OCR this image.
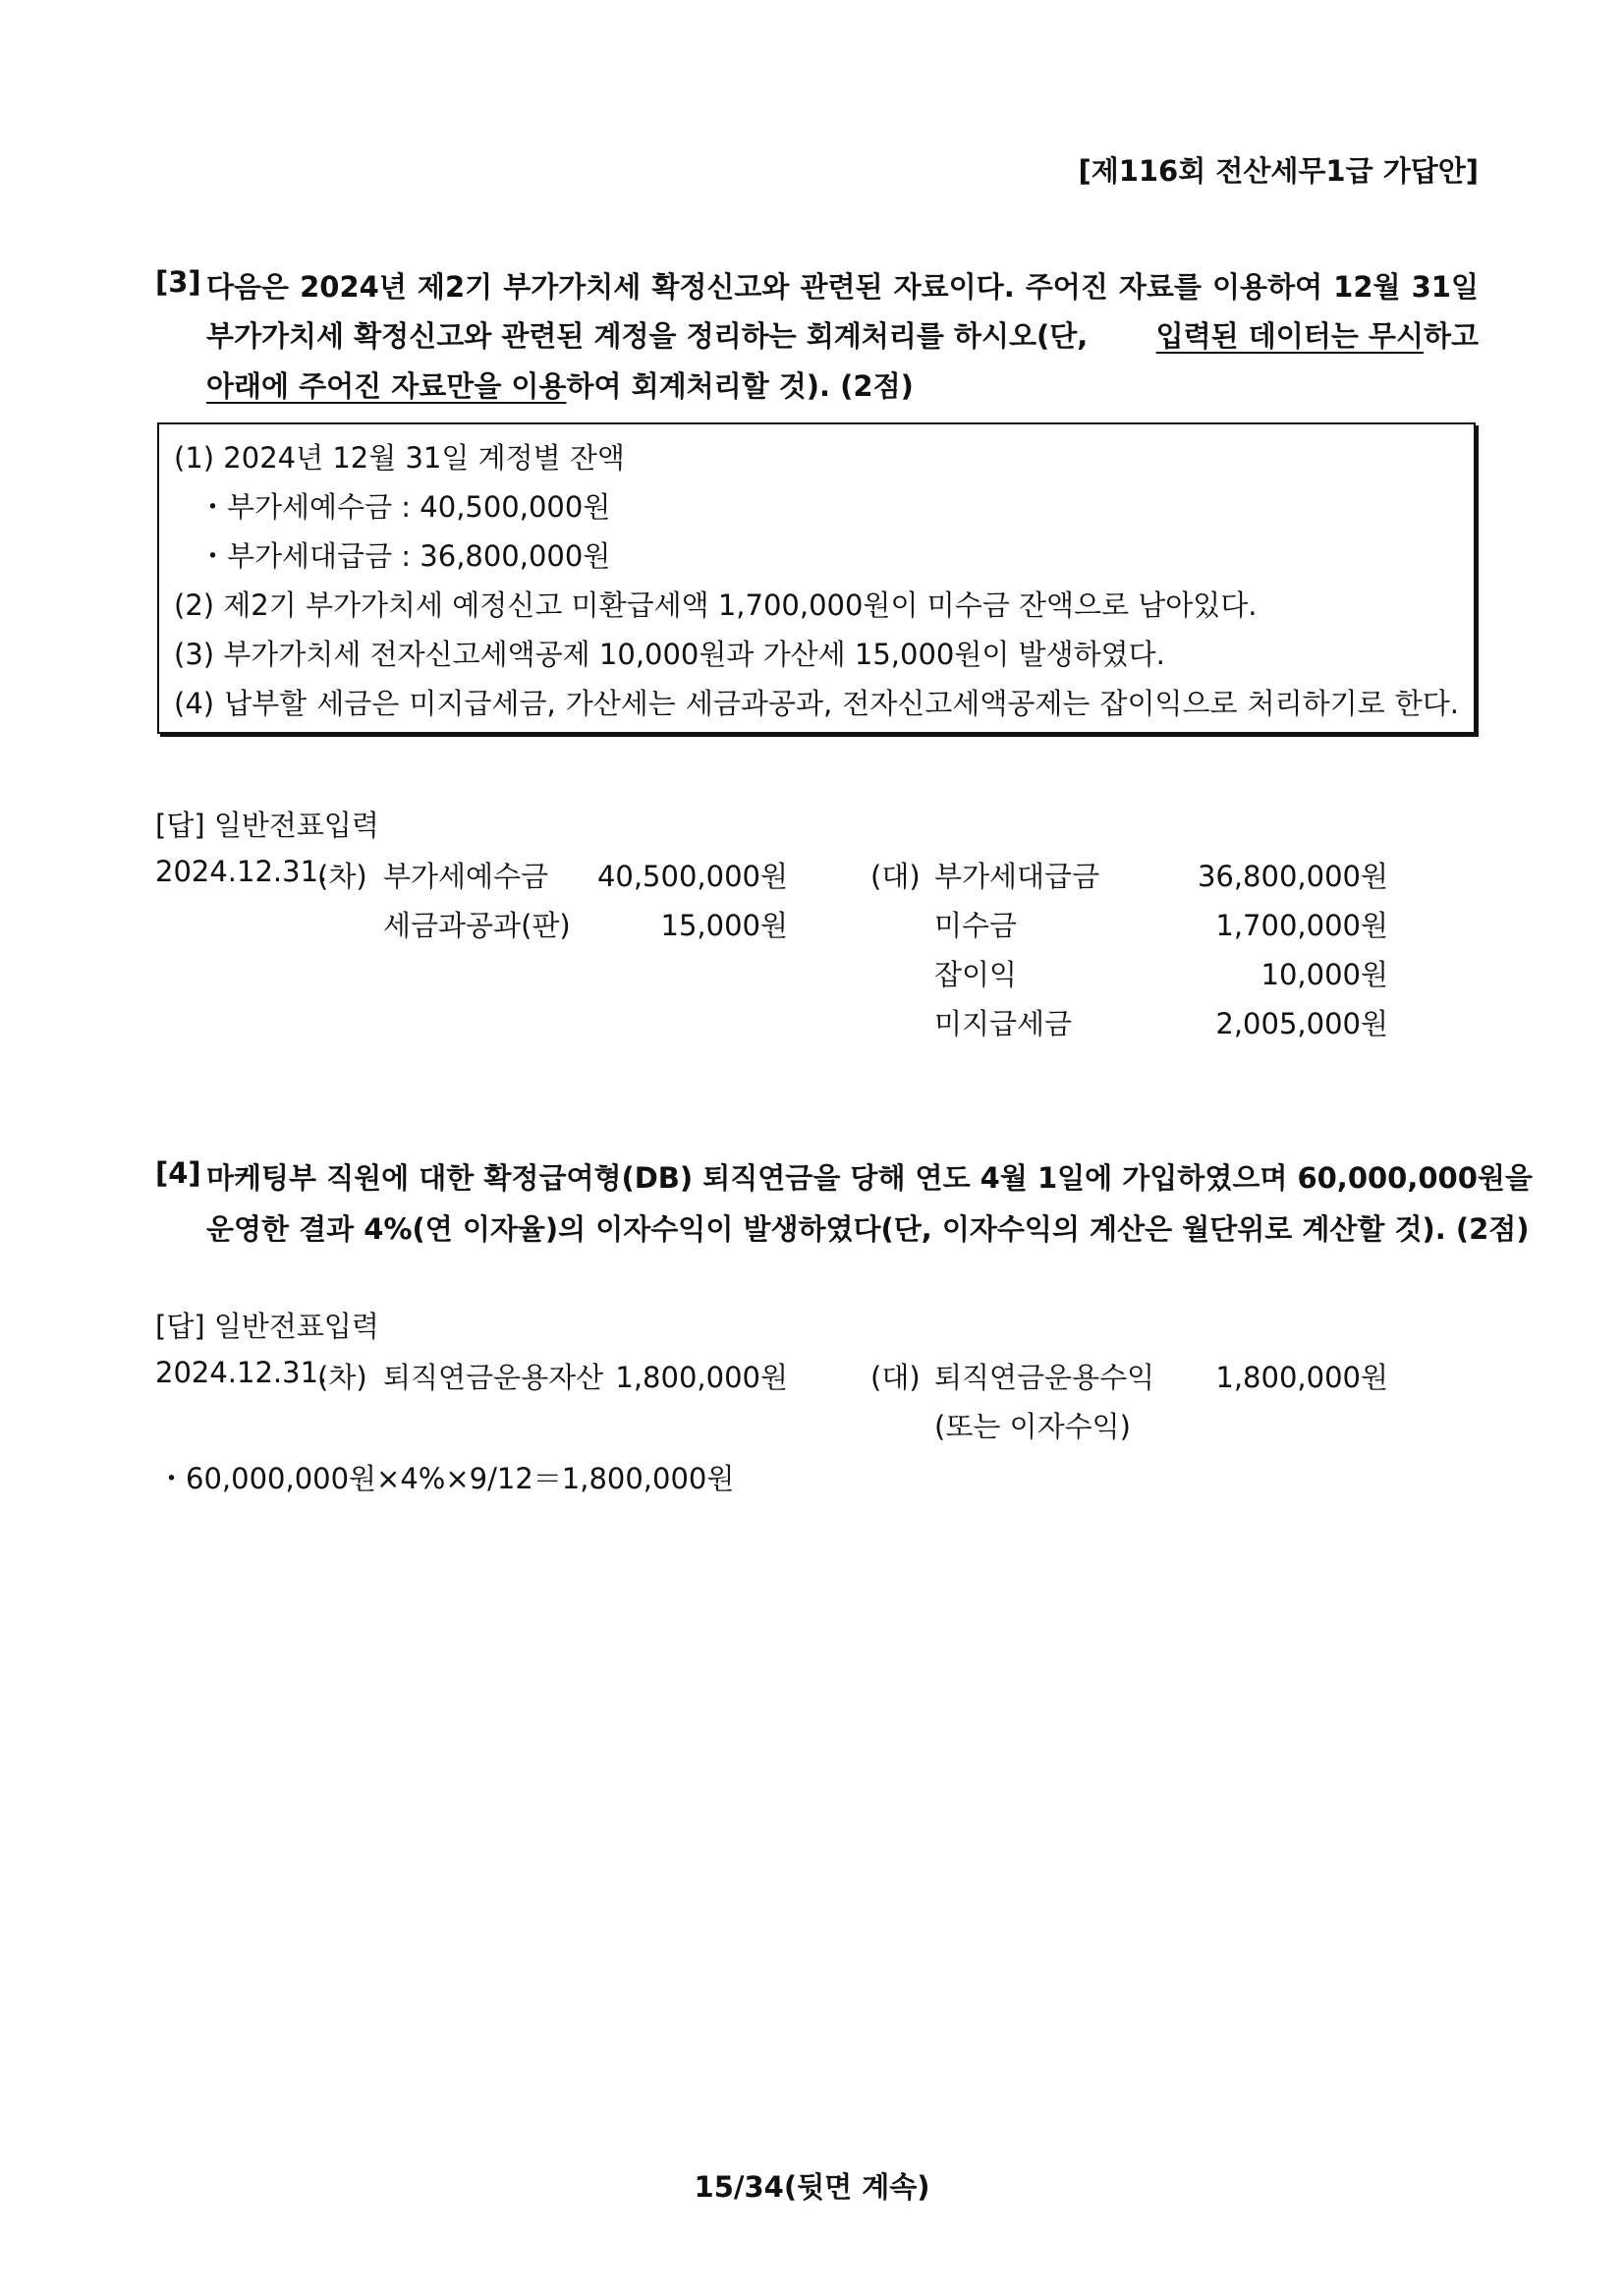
[제116회 전산세무1급 가답안]
[3] 다음은 2024년 제2기 부가가치세 확정신고와 관련된 자료이다. 주어진 자료를 이용하여 12월 31일
부가가치세 확정신고와 관련된 계정을 정리하는 회계처리를 하시오(단, 입력된 데이터는 무시하고
아래에 주어진 자료만을 이용하여 회계처리할 것). (2점)
(1) 2024년 12월 31일 계정별 잔액
・부가세예수금 : 40,500,000원
・부가세대급금 : 36,800,000원
(2) 제2기 부가가치세 예정신고 미환급세액 1,700,000원이 미수금 잔액으로 남아있다.
(3) 부가가치세 전자신고세액공제 10,000원과 가산세 15,000원이 발생하였다.
(4) 납부할 세금은 미지급세금, 가산세는 세금과공과, 전자신고세액공제는 잡이익으로 처리하기로 한다.
[답] 일반전표입력
2024.12.31.
(차) 부가세예수금 40,500,000원
세금과공과(판)	15,000원
(대) 부가세대급금	36,800,000원
미수금	1,700,000원
잡이익	10,000원
미지급세금	2,005,000원
[4] 마케팅부 직원에 대한 확정급여형(DB) 퇴직연금을 당해 연도 4월 1일에 가입하였으며 60,000,000원을
운영한 결과 4%(연 이자율)의 이자수익이 발생하였다(단, 이자수익의 계산은 월단위로 계산할 것). (2점)
[답] 일반전표입력
2024.12.31.
(차) 퇴직연금운용자산 1,800,000원	(대) 퇴직연금운용수익 1,800,000원
(또는 이자수익)
・60,000,000원×4%×9/12＝1,800,000원
15/34(뒷면 계속)
